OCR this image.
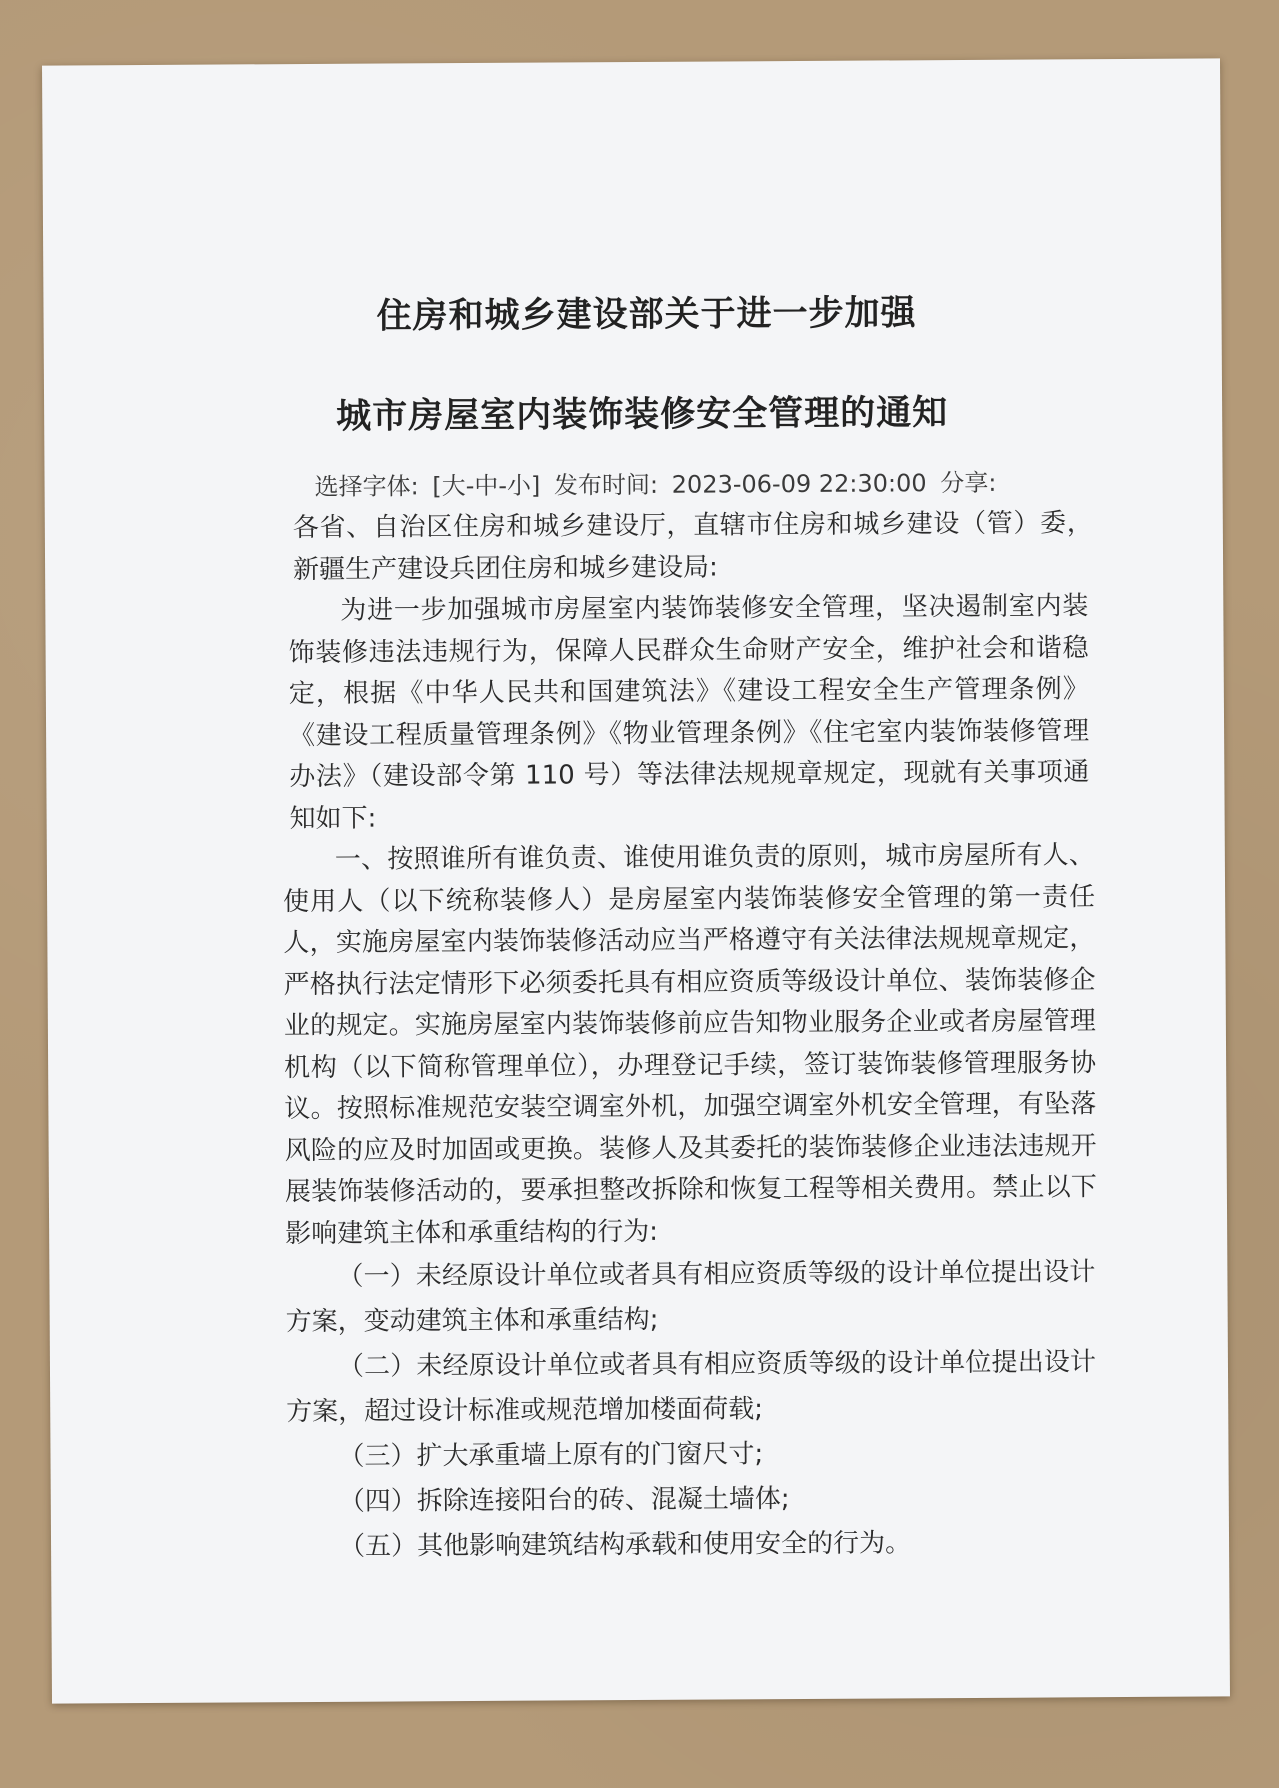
住房和城乡建设部关于进一步加强
城市房屋室内装饰装修安全管理的通知
选择字体: [大-中-小] 发布时间: 2023-06-09 22:30:00 分享:

各省、自治区住房和城乡建设厅，直辖市住房和城乡建设（管）委，新疆生产建设兵团住房和城乡建设局:

为进一步加强城市房屋室内装饰装修安全管理，坚决遏制室内装饰装修违法违规行为，保障人民群众生命财产安全，维护社会和谐稳定，根据《中华人民共和国建筑法》《建设工程安全生产管理条例》《建设工程质量管理条例》《物业管理条例》《住宅室内装饰装修管理办法》（建设部令第 110 号）等法律法规规章规定，现就有关事项通知如下:

一、按照谁所有谁负责、谁使用谁负责的原则，城市房屋所有人、使用人（以下统称装修人）是房屋室内装饰装修安全管理的第一责任人，实施房屋室内装饰装修活动应当严格遵守有关法律法规规章规定，严格执行法定情形下必须委托具有相应资质等级设计单位、装饰装修企业的规定。实施房屋室内装饰装修前应告知物业服务企业或者房屋管理机构（以下简称管理单位），办理登记手续，签订装饰装修管理服务协议。按照标准规范安装空调室外机，加强空调室外机安全管理，有坠落风险的应及时加固或更换。装修人及其委托的装饰装修企业违法违规开展装饰装修活动的，要承担整改拆除和恢复工程等相关费用。禁止以下影响建筑主体和承重结构的行为:

（一）未经原设计单位或者具有相应资质等级的设计单位提出设计方案，变动建筑主体和承重结构;
（二）未经原设计单位或者具有相应资质等级的设计单位提出设计方案，超过设计标准或规范增加楼面荷载;
（三）扩大承重墙上原有的门窗尺寸;
（四）拆除连接阳台的砖、混凝土墙体;
（五）其他影响建筑结构承载和使用安全的行为。
